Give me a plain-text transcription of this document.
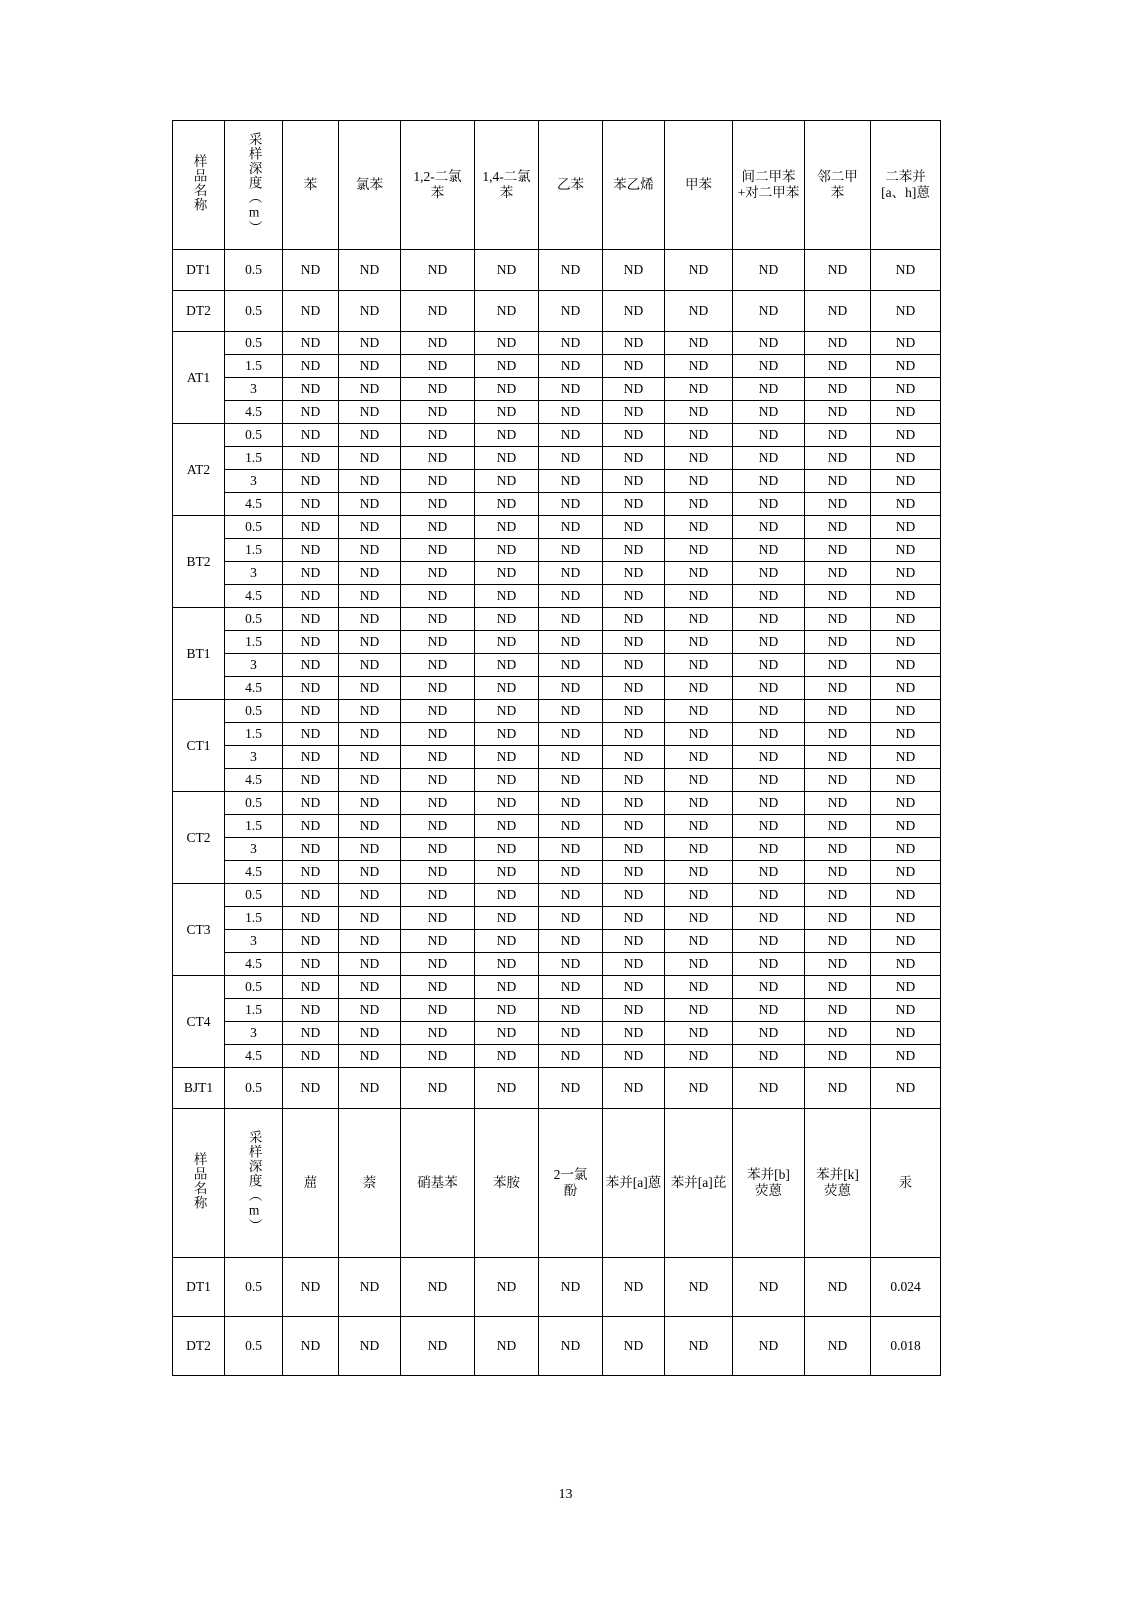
样品名称	采样深度（m）	苯	氯苯	1,2-二氯苯	1,4-二氯苯	乙苯	苯乙烯	甲苯	间二甲苯+对二甲苯	邻二甲苯	二苯并[a、h]蒽
DT1	0.5	ND	ND	ND	ND	ND	ND	ND	ND	ND	ND
DT2	0.5	ND	ND	ND	ND	ND	ND	ND	ND	ND	ND
AT1	0.5	ND	ND	ND	ND	ND	ND	ND	ND	ND	ND
	1.5	ND	ND	ND	ND	ND	ND	ND	ND	ND	ND
	3	ND	ND	ND	ND	ND	ND	ND	ND	ND	ND
	4.5	ND	ND	ND	ND	ND	ND	ND	ND	ND	ND
AT2	0.5	ND	ND	ND	ND	ND	ND	ND	ND	ND	ND
	1.5	ND	ND	ND	ND	ND	ND	ND	ND	ND	ND
	3	ND	ND	ND	ND	ND	ND	ND	ND	ND	ND
	4.5	ND	ND	ND	ND	ND	ND	ND	ND	ND	ND
BT2	0.5	ND	ND	ND	ND	ND	ND	ND	ND	ND	ND
	1.5	ND	ND	ND	ND	ND	ND	ND	ND	ND	ND
	3	ND	ND	ND	ND	ND	ND	ND	ND	ND	ND
	4.5	ND	ND	ND	ND	ND	ND	ND	ND	ND	ND
BT1	0.5	ND	ND	ND	ND	ND	ND	ND	ND	ND	ND
	1.5	ND	ND	ND	ND	ND	ND	ND	ND	ND	ND
	3	ND	ND	ND	ND	ND	ND	ND	ND	ND	ND
	4.5	ND	ND	ND	ND	ND	ND	ND	ND	ND	ND
CT1	0.5	ND	ND	ND	ND	ND	ND	ND	ND	ND	ND
	1.5	ND	ND	ND	ND	ND	ND	ND	ND	ND	ND
	3	ND	ND	ND	ND	ND	ND	ND	ND	ND	ND
	4.5	ND	ND	ND	ND	ND	ND	ND	ND	ND	ND
CT2	0.5	ND	ND	ND	ND	ND	ND	ND	ND	ND	ND
	1.5	ND	ND	ND	ND	ND	ND	ND	ND	ND	ND
	3	ND	ND	ND	ND	ND	ND	ND	ND	ND	ND
	4.5	ND	ND	ND	ND	ND	ND	ND	ND	ND	ND
CT3	0.5	ND	ND	ND	ND	ND	ND	ND	ND	ND	ND
	1.5	ND	ND	ND	ND	ND	ND	ND	ND	ND	ND
	3	ND	ND	ND	ND	ND	ND	ND	ND	ND	ND
	4.5	ND	ND	ND	ND	ND	ND	ND	ND	ND	ND
CT4	0.5	ND	ND	ND	ND	ND	ND	ND	ND	ND	ND
	1.5	ND	ND	ND	ND	ND	ND	ND	ND	ND	ND
	3	ND	ND	ND	ND	ND	ND	ND	ND	ND	ND
	4.5	ND	ND	ND	ND	ND	ND	ND	ND	ND	ND
BJT1	0.5	ND	ND	ND	ND	ND	ND	ND	ND	ND	ND
样品名称	采样深度（m）	䓛	萘	硝基苯	苯胺	2一氯酚	苯并[a]蒽	苯并[a]芘	苯并[b]荧蒽	苯并[k]荧蒽	汞
DT1	0.5	ND	ND	ND	ND	ND	ND	ND	ND	ND	0.024
DT2	0.5	ND	ND	ND	ND	ND	ND	ND	ND	ND	0.018
13
